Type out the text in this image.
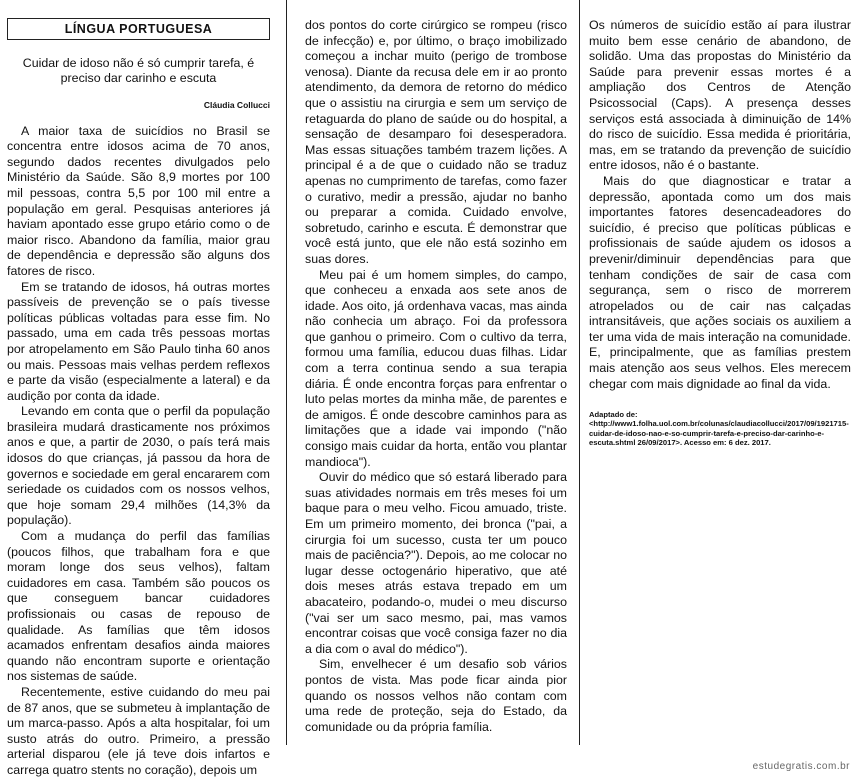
LÍNGUA PORTUGUESA
Cuidar de idoso não é só cumprir tarefa, é
preciso dar carinho e escuta
Cláudia Collucci

A maior taxa de suicídios no Brasil se concentra entre idosos acima de 70 anos, segundo dados recentes divulgados pelo Ministério da Saúde. São 8,9 mortes por 100 mil pessoas, contra 5,5 por 100 mil entre a população em geral. Pesquisas anteriores já haviam apontado esse grupo etário como o de maior risco. Abandono da família, maior grau de dependência e depressão são alguns dos fatores de risco.

Em se tratando de idosos, há outras mortes passíveis de prevenção se o país tivesse políticas públicas voltadas para esse fim. No passado, uma em cada três pessoas mortas por atropelamento em São Paulo tinha 60 anos ou mais. Pessoas mais velhas perdem reflexos e parte da visão (especialmente a lateral) e da audição por conta da idade.

Levando em conta que o perfil da população brasileira mudará drasticamente nos próximos anos e que, a partir de 2030, o país terá mais idosos do que crianças, já passou da hora de governos e sociedade em geral encararem com seriedade os cuidados com os nossos velhos, que hoje somam 29,4 milhões (14,3% da população).

Com a mudança do perfil das famílias (poucos filhos, que trabalham fora e que moram longe dos seus velhos), faltam cuidadores em casa. Também são poucos os que conseguem bancar cuidadores profissionais ou casas de repouso de qualidade. As famílias que têm idosos acamados enfrentam desafios ainda maiores quando não encontram suporte e orientação nos sistemas de saúde.

Recentemente, estive cuidando do meu pai de 87 anos, que se submeteu à implantação de um marca-passo. Após a alta hospitalar, foi um susto atrás do outro. Primeiro, a pressão arterial disparou (ele já teve dois infartos e carrega quatro stents no coração), depois um

dos pontos do corte cirúrgico se rompeu (risco de infecção) e, por último, o braço imobilizado começou a inchar muito (perigo de trombose venosa). Diante da recusa dele em ir ao pronto atendimento, da demora de retorno do médico que o assistiu na cirurgia e sem um serviço de retaguarda do plano de saúde ou do hospital, a sensação de desamparo foi desesperadora. Mas essas situações também trazem lições. A principal é a de que o cuidado não se traduz apenas no cumprimento de tarefas, como fazer o curativo, medir a pressão, ajudar no banho ou preparar a comida. Cuidado envolve, sobretudo, carinho e escuta. É demonstrar que você está junto, que ele não está sozinho em suas dores.

Meu pai é um homem simples, do campo, que conheceu a enxada aos sete anos de idade. Aos oito, já ordenhava vacas, mas ainda não conhecia um abraço. Foi da professora que ganhou o primeiro. Com o cultivo da terra, formou uma família, educou duas filhas. Lidar com a terra continua sendo a sua terapia diária. É onde encontra forças para enfrentar o luto pelas mortes da minha mãe, de parentes e de amigos. É onde descobre caminhos para as limitações que a idade vai impondo ("não consigo mais cuidar da horta, então vou plantar mandioca").

Ouvir do médico que só estará liberado para suas atividades normais em três meses foi um baque para o meu velho. Ficou amuado, triste. Em um primeiro momento, dei bronca ("pai, a cirurgia foi um sucesso, custa ter um pouco mais de paciência?"). Depois, ao me colocar no lugar desse octogenário hiperativo, que até dois meses atrás estava trepado em um abacateiro, podando-o, mudei o meu discurso ("vai ser um saco mesmo, pai, mas vamos encontrar coisas que você consiga fazer no dia a dia com o aval do médico").

Sim, envelhecer é um desafio sob vários pontos de vista. Mas pode ficar ainda pior quando os nossos velhos não contam com uma rede de proteção, seja do Estado, da comunidade ou da própria família.

Os números de suicídio estão aí para ilustrar muito bem esse cenário de abandono, de solidão. Uma das propostas do Ministério da Saúde para prevenir essas mortes é a ampliação dos Centros de Atenção Psicossocial (Caps). A presença desses serviços está associada à diminuição de 14% do risco de suicídio. Essa medida é prioritária, mas, em se tratando da prevenção de suicídio entre idosos, não é o bastante.

Mais do que diagnosticar e tratar a depressão, apontada como um dos mais importantes fatores desencadeadores do suicídio, é preciso que políticas públicas e profissionais de saúde ajudem os idosos a prevenir/diminuir dependências para que tenham condições de sair de casa com segurança, sem o risco de morrerem atropelados ou de cair nas calçadas intransitáveis, que ações sociais os auxiliem a ter uma vida de mais interação na comunidade. E, principalmente, que as famílias prestem mais atenção aos seus velhos. Eles merecem chegar com mais dignidade ao final da vida.

Adaptado de: <http://www1.folha.uol.com.br/colunas/claudiacollucci/2017/09/1921715-cuidar-de-idoso-nao-e-so-cumprir-tarefa-e-preciso-dar-carinho-e-escuta.shtml 26/09/2017>. Acesso em: 6 dez. 2017.
estudegratis.com.br
